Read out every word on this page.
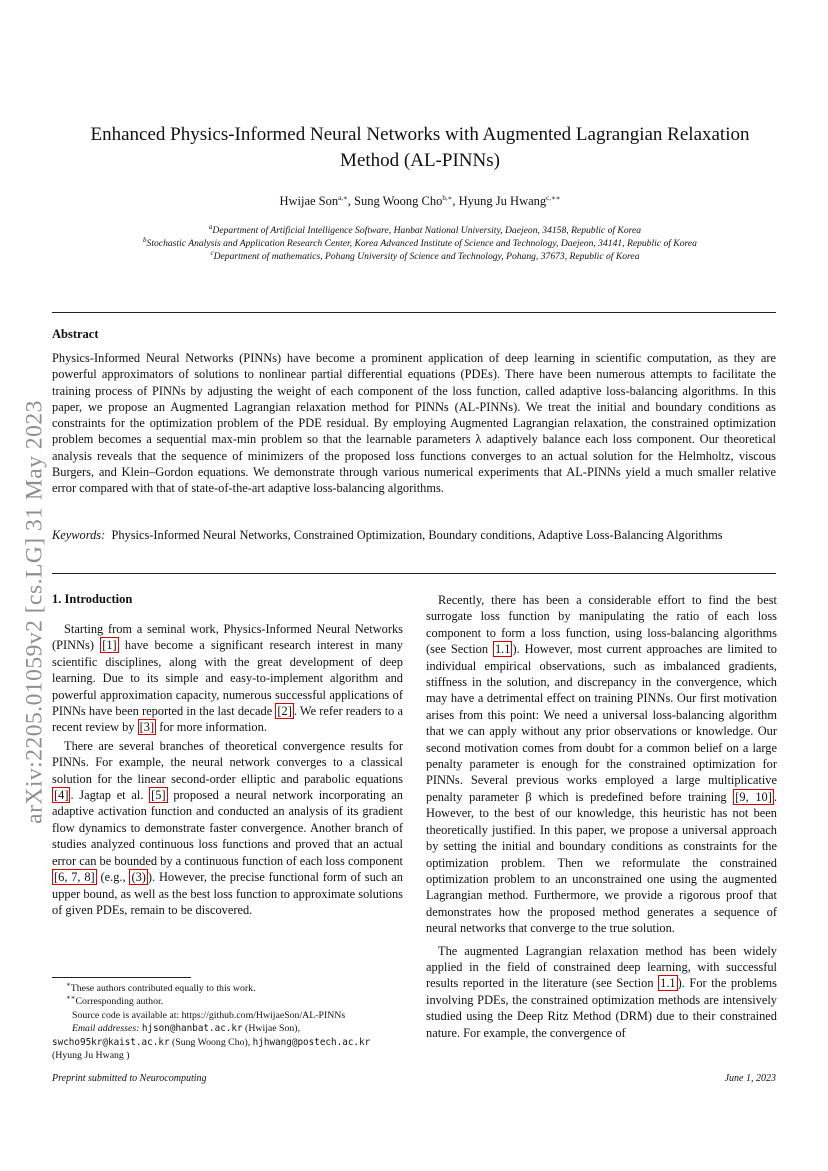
arXiv:2205.01059v2 [cs.LG] 31 May 2023
Enhanced Physics-Informed Neural Networks with Augmented Lagrangian Relaxation
Method (AL-PINNs)
Hwijae Son$^{a,∗}$, Sung Woong Cho$^{b,∗}$, Hyung Ju Hwang$^{c,∗∗}$
$^a$Department of Artificial Intelligence Software, Hanbat National University, Daejeon, 34158, Republic of Korea
$^b$Stochastic Analysis and Application Research Center, Korea Advanced Institute of Science and Technology, Daejeon, 34141, Republic of Korea
$^c$Department of mathematics, Pohang University of Science and Technology, Pohang, 37673, Republic of Korea
Abstract
Physics-Informed Neural Networks (PINNs) have become a prominent application of deep learning in scientific computation, as they are powerful approximators of solutions to nonlinear partial differential equations (PDEs). There have been numerous attempts to facilitate the training process of PINNs by adjusting the weight of each component of the loss function, called adaptive loss-balancing algorithms. In this paper, we propose an Augmented Lagrangian relaxation method for PINNs (AL-PINNs). We treat the initial and boundary conditions as constraints for the optimization problem of the PDE residual. By employing Augmented Lagrangian relaxation, the constrained optimization problem becomes a sequential max-min problem so that the learnable parameters λ adaptively balance each loss component. Our theoretical analysis reveals that the sequence of minimizers of the proposed loss functions converges to an actual solution for the Helmholtz, viscous Burgers, and Klein–Gordon equations. We demonstrate through various numerical experiments that AL-PINNs yield a much smaller relative error compared with that of state-of-the-art adaptive loss-balancing algorithms.
Keywords: Physics-Informed Neural Networks, Constrained Optimization, Boundary conditions, Adaptive Loss-Balancing Algorithms
1. Introduction

Starting from a seminal work, Physics-Informed Neural Networks (PINNs) [1] have become a significant research interest in many scientific disciplines, along with the great development of deep learning. Due to its simple and easy-to-implement algorithm and powerful approximation capacity, numerous successful applications of PINNs have been reported in the last decade [2] . We refer readers to a recent review by [3] for more information.

There are several branches of theoretical convergence results for PINNs. For example, the neural network converges to a classical solution for the linear second-order elliptic and parabolic equations [4] . Jagtap et al. [5] proposed a neural network incorporating an adaptive activation function and conducted an analysis of its gradient flow dynamics to demonstrate faster convergence. Another branch of studies analyzed continuous loss functions and proved that an actual error can be bounded by a continuous function of each loss component [6, 7, 8] (e.g., (3) ). However, the precise functional form of such an upper bound, as well as the best loss function to approximate solutions of given PDEs, remain to be discovered.

Recently, there has been a considerable effort to find the best surrogate loss function by manipulating the ratio of each loss component to form a loss function, using loss-balancing algorithms (see Section 1.1 ). However, most current approaches are limited to individual empirical observations, such as imbalanced gradients, stiffness in the solution, and discrepancy in the convergence, which may have a detrimental effect on training PINNs. Our first motivation arises from this point: We need a universal loss-balancing algorithm that we can apply without any prior observations or knowledge. Our second motivation comes from doubt for a common belief on a large penalty parameter is enough for the constrained optimization for PINNs. Several previous works employed a large multiplicative penalty parameter β which is predefined before training [9, 10] . However, to the best of our knowledge, this heuristic has not been theoretically justified. In this paper, we propose a universal approach by setting the initial and boundary conditions as constraints for the optimization problem. Then we reformulate the constrained optimization problem to an unconstrained one using the augmented Lagrangian method. Furthermore, we provide a rigorous proof that demonstrates how the proposed method generates a sequence of neural networks that converge to the true solution.

The augmented Lagrangian relaxation method has been widely applied in the field of constrained deep learning, with successful results reported in the literature (see Section 1.1 ). For the problems involving PDEs, the constrained optimization methods are intensively studied using the Deep Ritz Method (DRM) due to their constrained nature. For example, the convergence of

∗These authors contributed equally to this work.
∗∗Corresponding author.
Source code is available at: https://github.com/HwijaeSon/AL-PINNs
Email addresses: hjson@hanbat.ac.kr (Hwijae Son),
swcho95kr@kaist.ac.kr (Sung Woong Cho), hjhwang@postech.ac.kr
(Hyung Ju Hwang )
Preprint submitted to Neurocomputing	June 1, 2023
